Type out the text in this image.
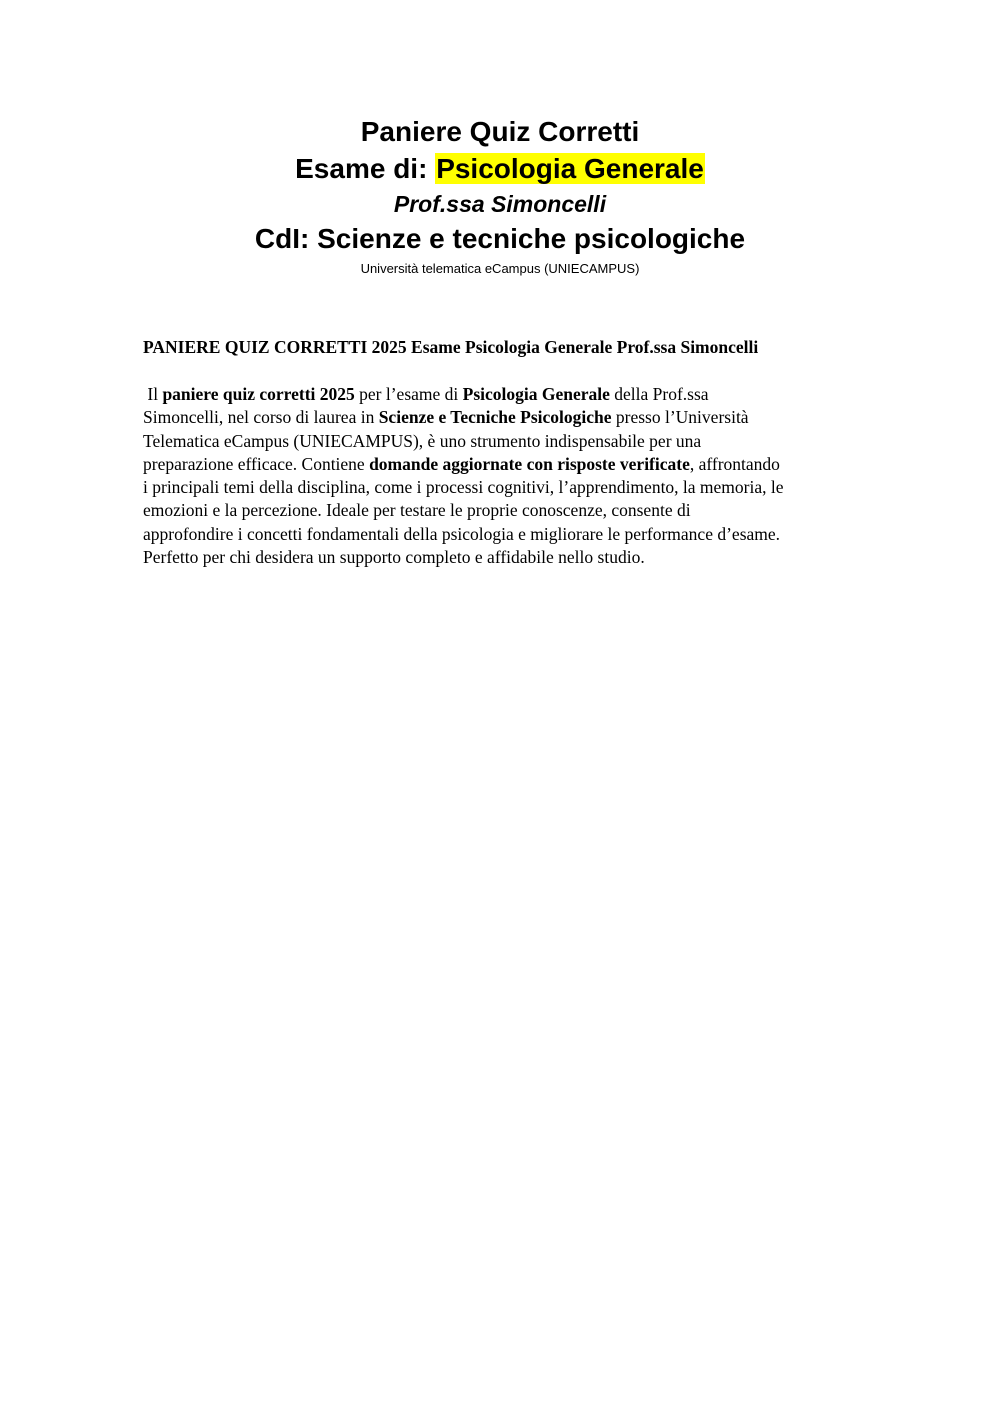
Paniere Quiz Corretti
Esame di: Psicologia Generale
Prof.ssa Simoncelli
CdI: Scienze e tecniche psicologiche
Università telematica eCampus (UNIECAMPUS)
PANIERE QUIZ CORRETTI 2025 Esame Psicologia Generale Prof.ssa Simoncelli
Il paniere quiz corretti 2025 per l’esame di Psicologia Generale della Prof.ssa
Simoncelli, nel corso di laurea in Scienze e Tecniche Psicologiche presso l’Università
Telematica eCampus (UNIECAMPUS), è uno strumento indispensabile per una
preparazione efficace. Contiene domande aggiornate con risposte verificate, affrontando
i principali temi della disciplina, come i processi cognitivi, l’apprendimento, la memoria, le
emozioni e la percezione. Ideale per testare le proprie conoscenze, consente di
approfondire i concetti fondamentali della psicologia e migliorare le performance d’esame.
Perfetto per chi desidera un supporto completo e affidabile nello studio.
